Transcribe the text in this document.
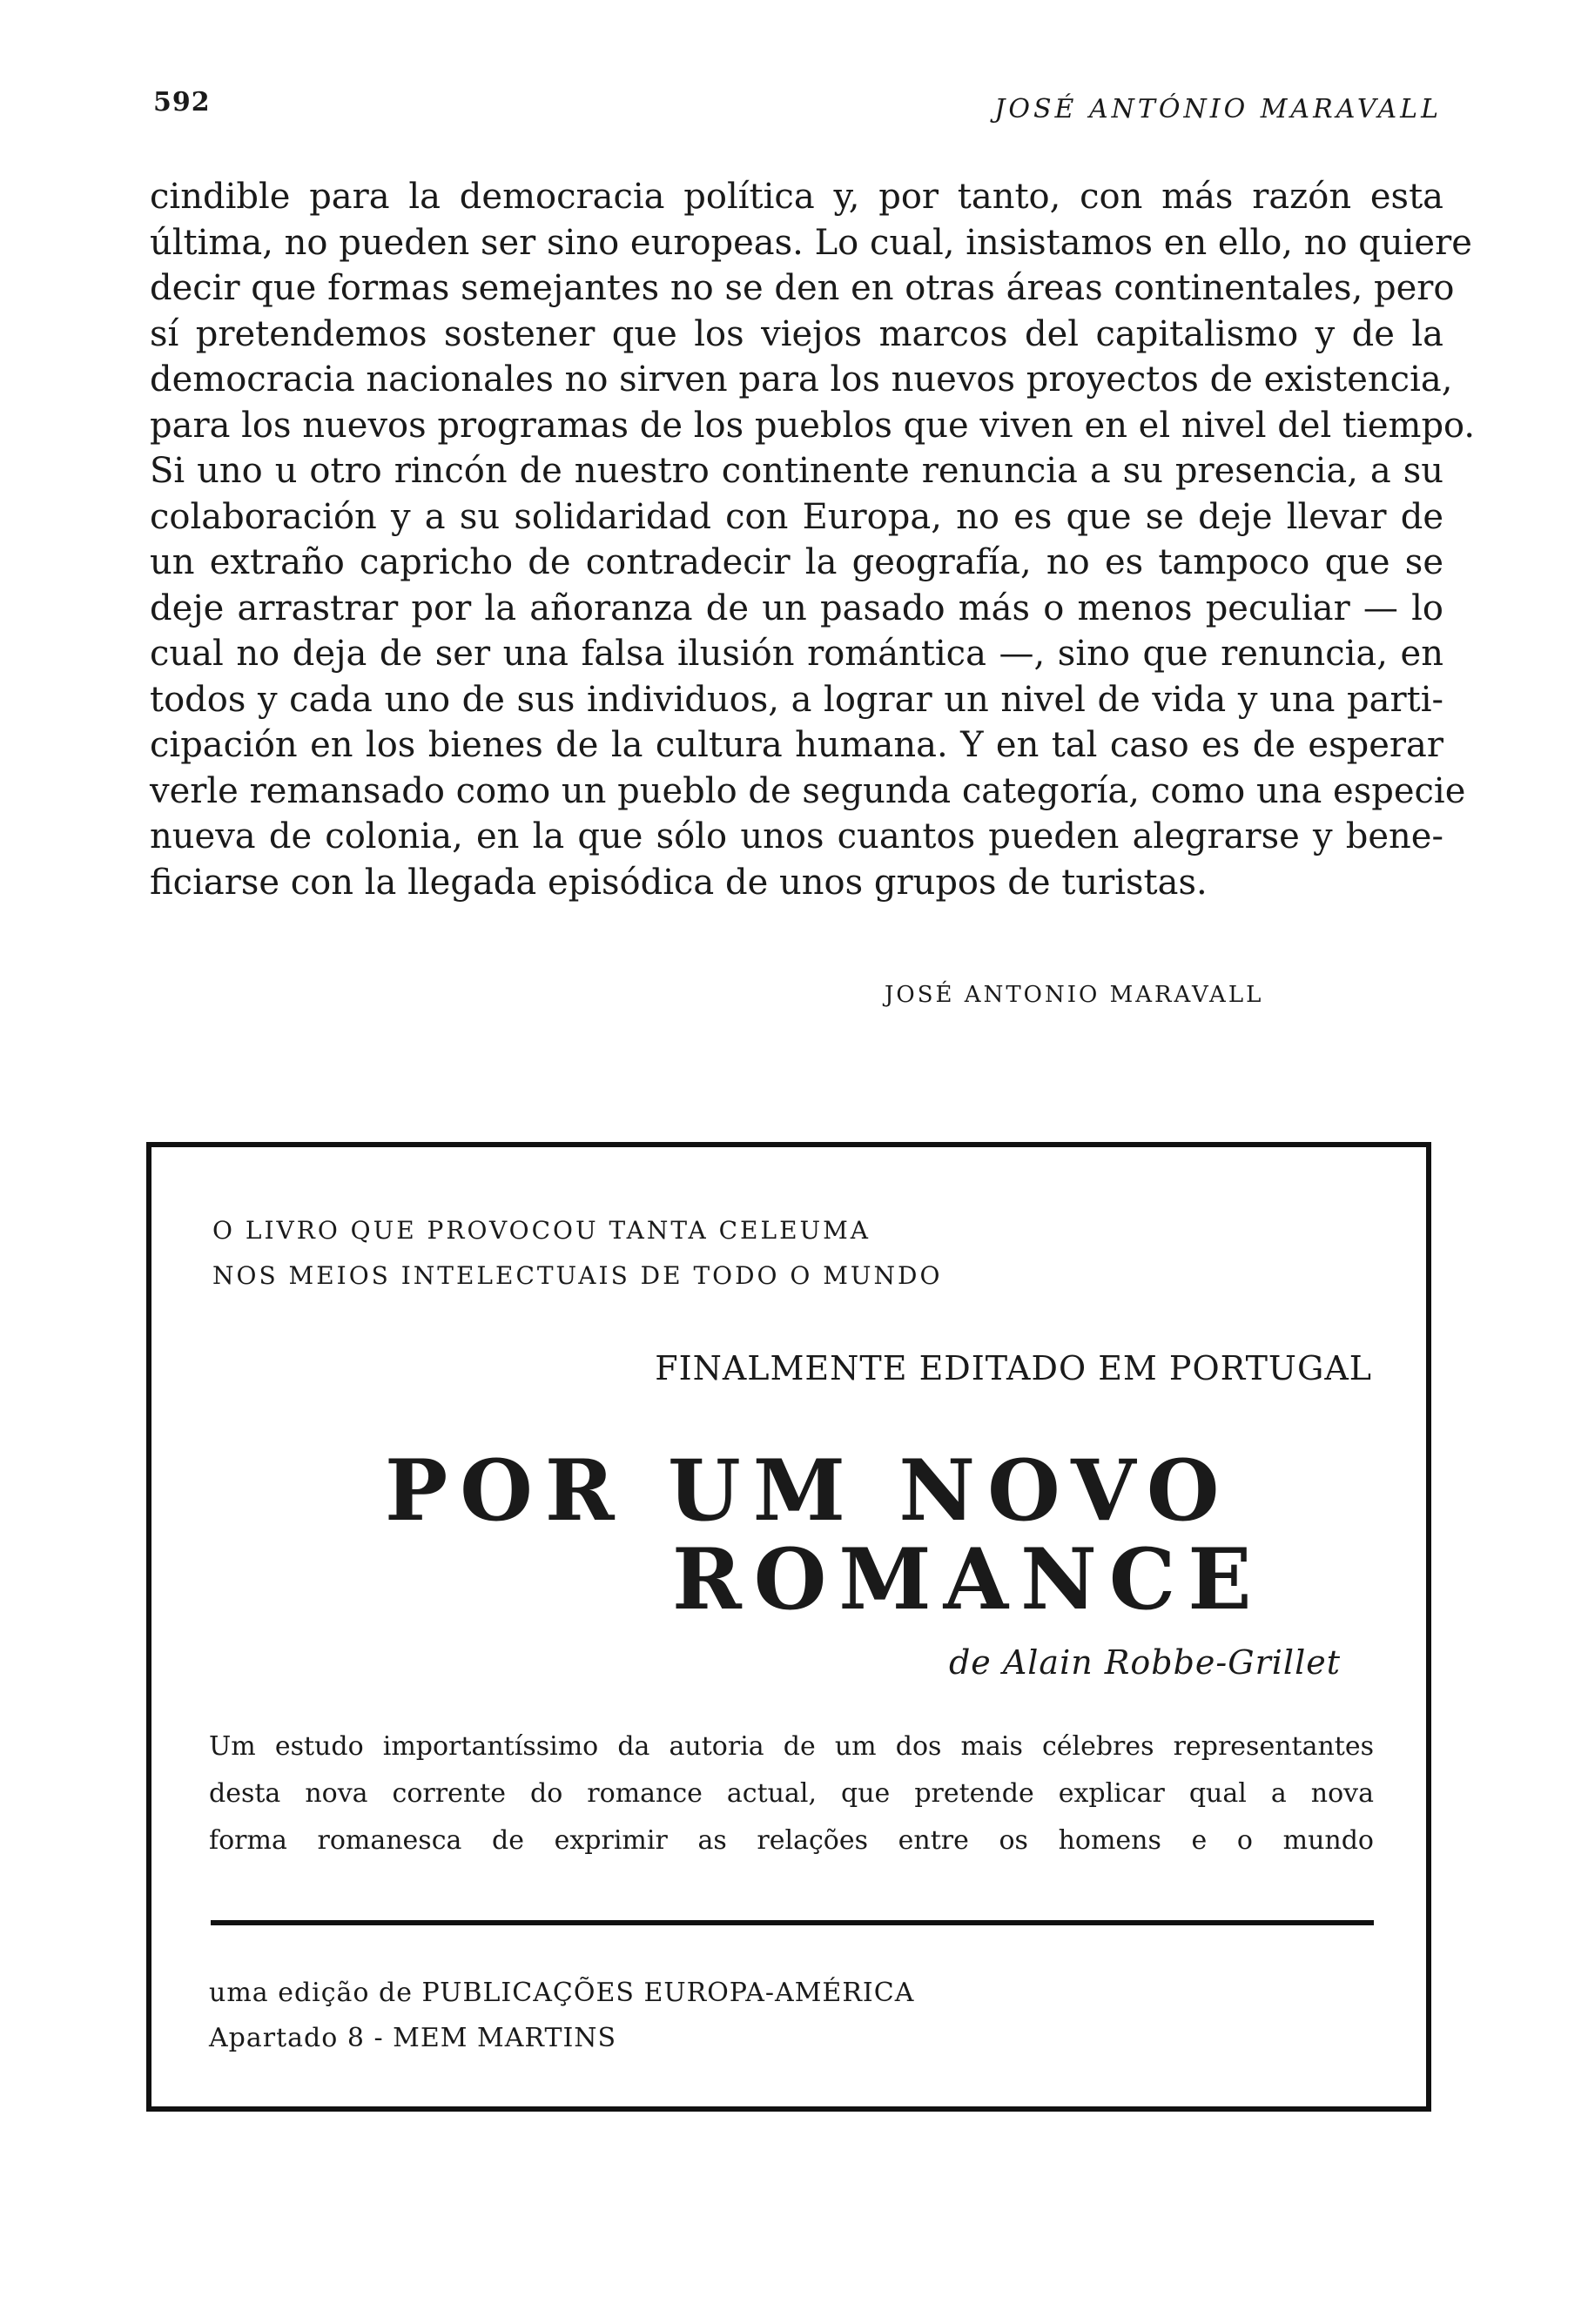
592	JOSÉ ANTÓNIO MARAVALL
cindible para la democracia política y, por tanto, con más razón esta
última, no pueden ser sino europeas. Lo cual, insistamos en ello, no quiere
decir que formas semejantes no se den en otras áreas continentales, pero
sí pretendemos sostener que los viejos marcos del capitalismo y de la
democracia nacionales no sirven para los nuevos proyectos de existencia,
para los nuevos programas de los pueblos que viven en el nivel del tiempo.
Si uno u otro rincón de nuestro continente renuncia a su presencia, a su
colaboración y a su solidaridad con Europa, no es que se deje llevar de
un extraño capricho de contradecir la geografía, no es tampoco que se
deje arrastrar por la añoranza de un pasado más o menos peculiar — lo
cual no deja de ser una falsa ilusión romántica —, sino que renuncia, en
todos y cada uno de sus individuos, a lograr un nivel de vida y una parti-
cipación en los bienes de la cultura humana. Y en tal caso es de esperar
verle remansado como un pueblo de segunda categoría, como una especie
nueva de colonia, en la que sólo unos cuantos pueden alegrarse y bene-
ficiarse con la llegada episódica de unos grupos de turistas.
JOSÉ ANTONIO MARAVALL
O LIVRO QUE PROVOCOU TANTA CELEUMA
NOS MEIOS INTELECTUAIS DE TODO O MUNDO
FINALMENTE EDITADO EM PORTUGAL
POR UM NOVO
ROMANCE
de Alain Robbe-Grillet
Um estudo importantíssimo da autoria de um dos mais célebres representantes
desta nova corrente do romance actual, que pretende explicar qual a nova
forma romanesca de exprimir as relações entre os homens e o mundo
uma edição de PUBLICAÇÕES EUROPA-AMÉRICA
Apartado 8 - MEM MARTINS
